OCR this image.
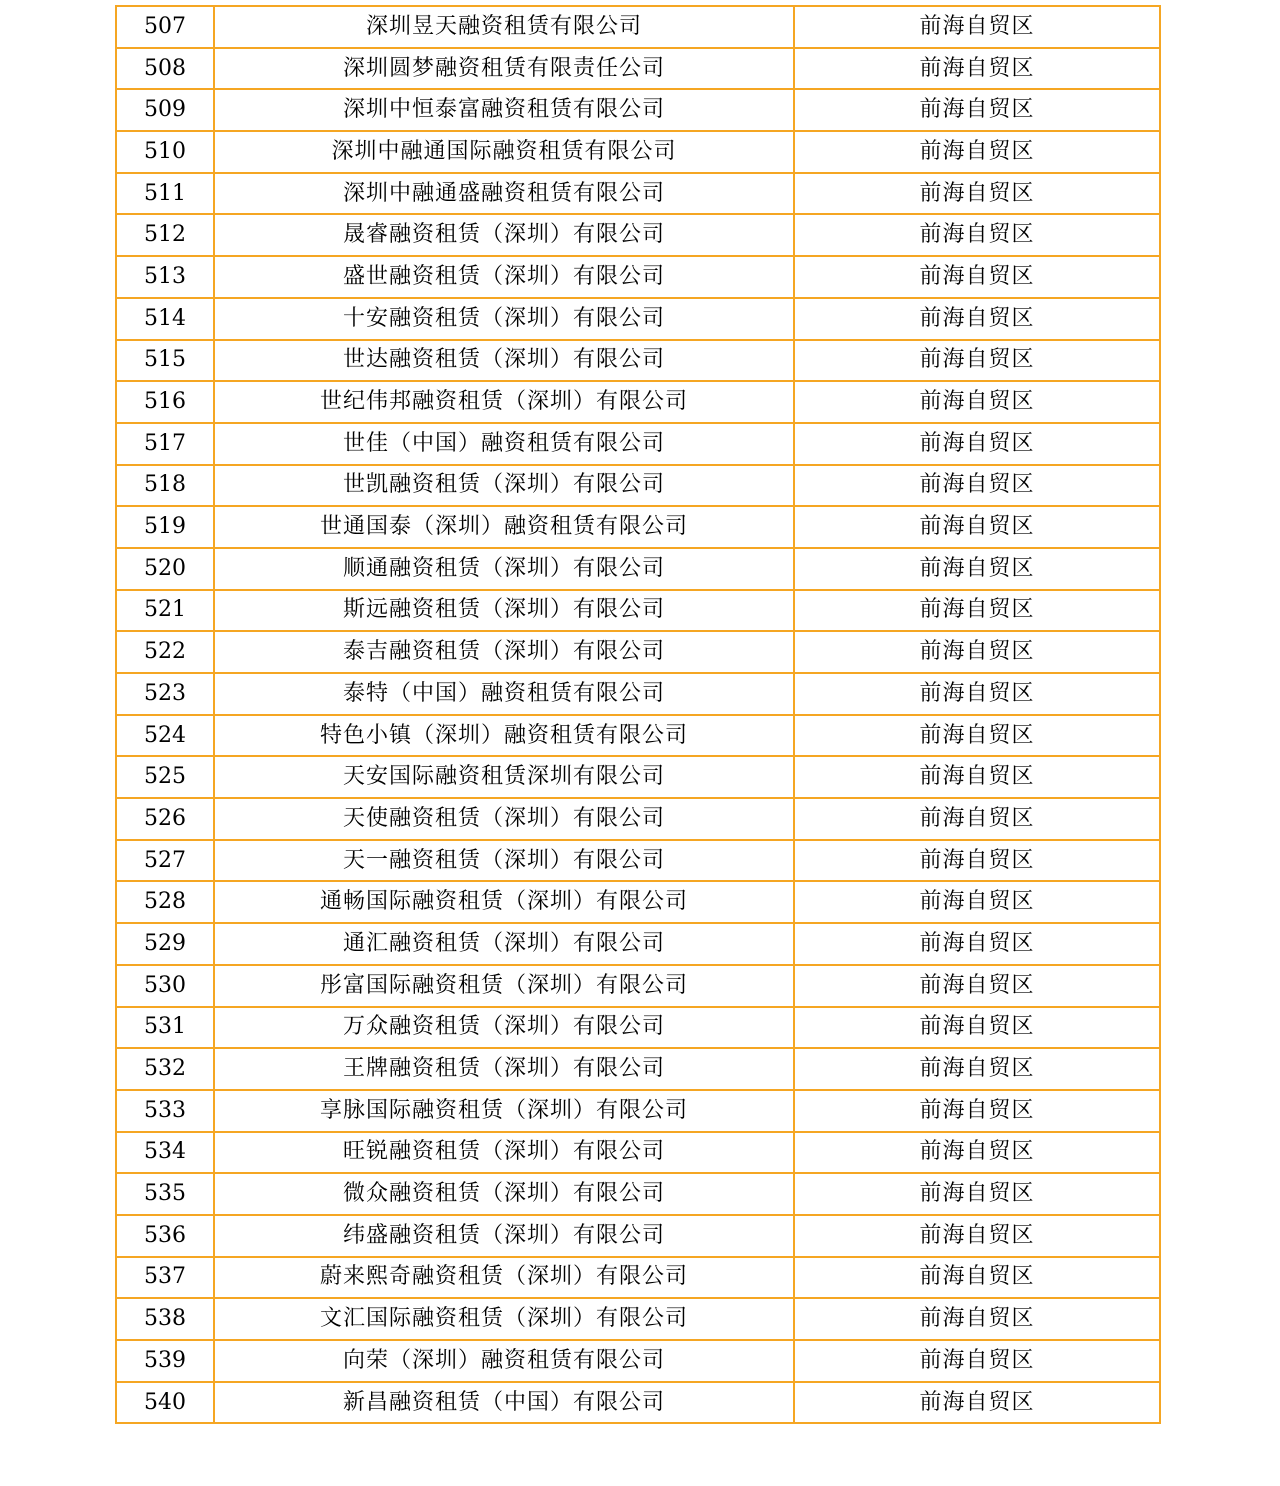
507	深圳昱天融资租赁有限公司	前海自贸区
508	深圳圆梦融资租赁有限责任公司	前海自贸区
509	深圳中恒泰富融资租赁有限公司	前海自贸区
510	深圳中融通国际融资租赁有限公司	前海自贸区
511	深圳中融通盛融资租赁有限公司	前海自贸区
512	晟睿融资租赁（深圳）有限公司	前海自贸区
513	盛世融资租赁（深圳）有限公司	前海自贸区
514	十安融资租赁（深圳）有限公司	前海自贸区
515	世达融资租赁（深圳）有限公司	前海自贸区
516	世纪伟邦融资租赁（深圳）有限公司	前海自贸区
517	世佳（中国）融资租赁有限公司	前海自贸区
518	世凯融资租赁（深圳）有限公司	前海自贸区
519	世通国泰（深圳）融资租赁有限公司	前海自贸区
520	顺通融资租赁（深圳）有限公司	前海自贸区
521	斯远融资租赁（深圳）有限公司	前海自贸区
522	泰吉融资租赁（深圳）有限公司	前海自贸区
523	泰特（中国）融资租赁有限公司	前海自贸区
524	特色小镇（深圳）融资租赁有限公司	前海自贸区
525	天安国际融资租赁深圳有限公司	前海自贸区
526	天使融资租赁（深圳）有限公司	前海自贸区
527	天一融资租赁（深圳）有限公司	前海自贸区
528	通畅国际融资租赁（深圳）有限公司	前海自贸区
529	通汇融资租赁（深圳）有限公司	前海自贸区
530	彤富国际融资租赁（深圳）有限公司	前海自贸区
531	万众融资租赁（深圳）有限公司	前海自贸区
532	王牌融资租赁（深圳）有限公司	前海自贸区
533	享脉国际融资租赁（深圳）有限公司	前海自贸区
534	旺锐融资租赁（深圳）有限公司	前海自贸区
535	微众融资租赁（深圳）有限公司	前海自贸区
536	纬盛融资租赁（深圳）有限公司	前海自贸区
537	蔚来熙奇融资租赁（深圳）有限公司	前海自贸区
538	文汇国际融资租赁（深圳）有限公司	前海自贸区
539	向荣（深圳）融资租赁有限公司	前海自贸区
540	新昌融资租赁（中国）有限公司	前海自贸区
